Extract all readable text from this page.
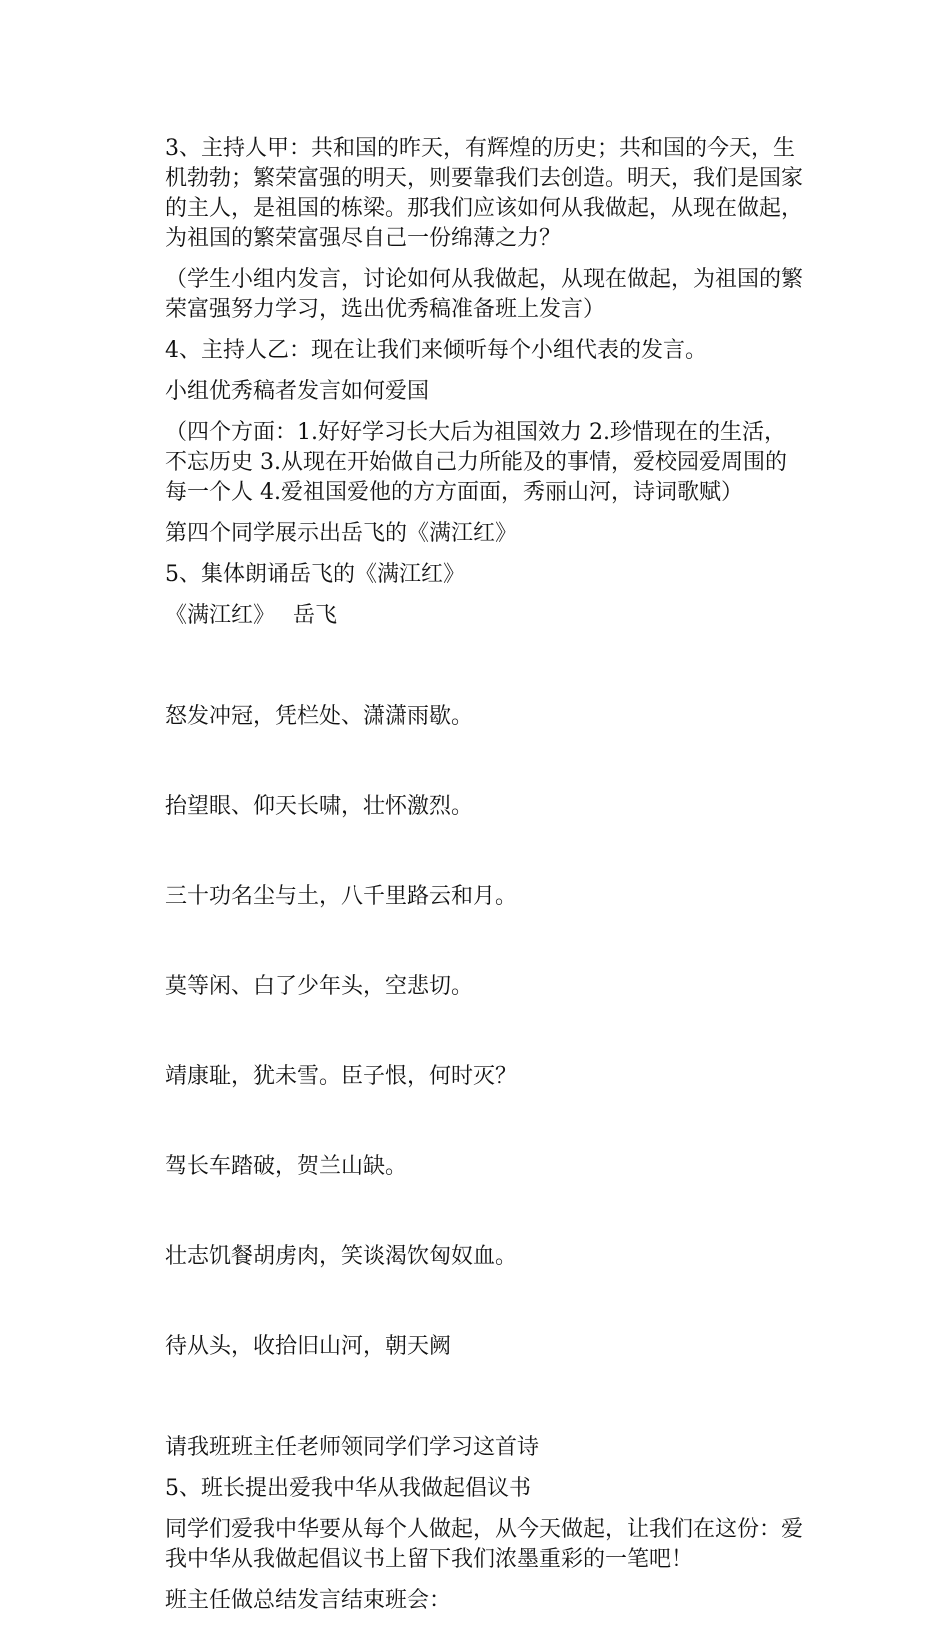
3、主持人甲：共和国的昨天，有辉煌的历史；共和国的今天，生机勃勃；繁荣富强的明天，则要靠我们去创造。明天，我们是国家的主人，是祖国的栋梁。那我们应该如何从我做起，从现在做起，为祖国的繁荣富强尽自己一份绵薄之力？

（学生小组内发言，讨论如何从我做起，从现在做起，为祖国的繁荣富强努力学习，选出优秀稿准备班上发言）

4、主持人乙：现在让我们来倾听每个小组代表的发言。

小组优秀稿者发言如何爱国

（四个方面：1.好好学习长大后为祖国效力 2.珍惜现在的生活，不忘历史 3.从现在开始做自己力所能及的事情，爱校园爱周围的每一个人 4.爱祖国爱他的方方面面，秀丽山河，诗词歌赋）

第四个同学展示出岳飞的《满江红》

5、集体朗诵岳飞的《满江红》

《满江红》　 岳飞

怒发冲冠，凭栏处、潇潇雨歇。

抬望眼、仰天长啸，壮怀激烈。

三十功名尘与土，八千里路云和月。

莫等闲、白了少年头，空悲切。

靖康耻，犹未雪。臣子恨，何时灭？

驾长车踏破，贺兰山缺。

壮志饥餐胡虏肉，笑谈渴饮匈奴血。

待从头，收拾旧山河，朝天阙

请我班班主任老师领同学们学习这首诗

5、班长提出爱我中华从我做起倡议书

同学们爱我中华要从每个人做起，从今天做起，让我们在这份：爱我中华从我做起倡议书上留下我们浓墨重彩的一笔吧！

班主任做总结发言结束班会：
